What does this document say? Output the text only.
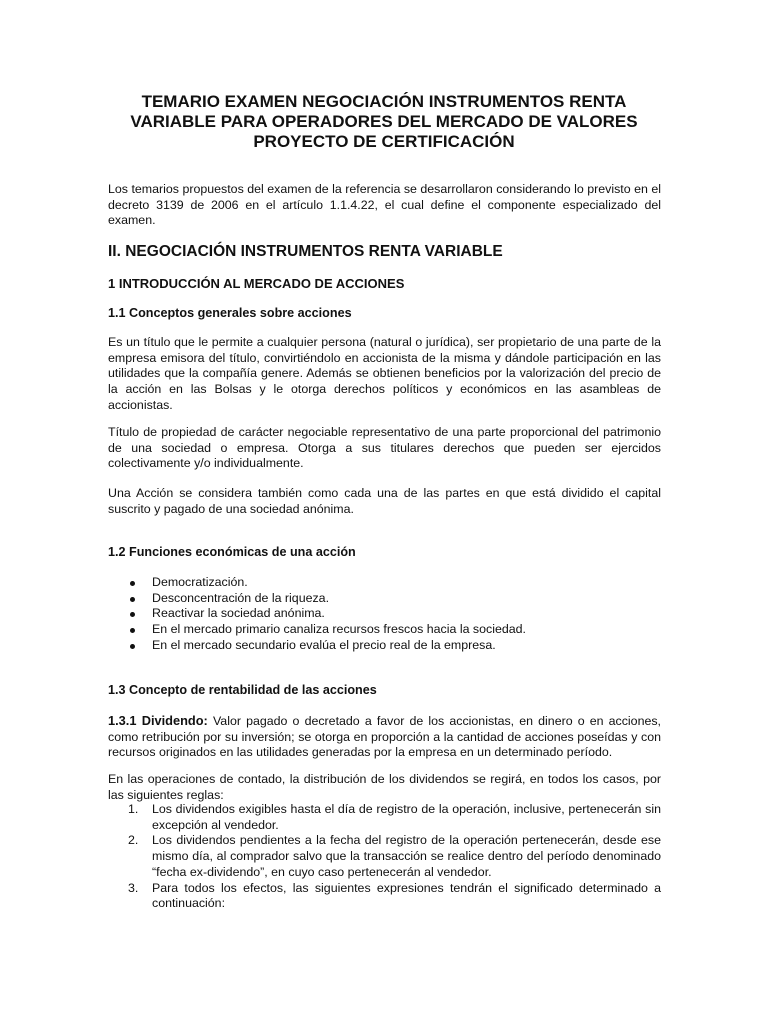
TEMARIO EXAMEN NEGOCIACIÓN INSTRUMENTOS RENTA
VARIABLE PARA OPERADORES DEL MERCADO DE VALORES
PROYECTO DE CERTIFICACIÓN

Los temarios propuestos del examen de la referencia se desarrollaron considerando lo previsto en el decreto 3139 de 2006 en el artículo 1.1.4.22, el cual define el componente especializado del examen.

II. NEGOCIACIÓN INSTRUMENTOS RENTA VARIABLE
1 INTRODUCCIÓN AL MERCADO DE ACCIONES
1.1 Conceptos generales sobre acciones

Es un título que le permite a cualquier persona (natural o jurídica), ser propietario de una parte de la empresa emisora del título, convirtiéndolo en accionista de la misma y dándole participación en las utilidades que la compañía genere. Además se obtienen beneficios por la valorización del precio de la acción en las Bolsas y le otorga derechos políticos y económicos en las asambleas de accionistas.

Título de propiedad de carácter negociable representativo de una parte proporcional del patrimonio de una sociedad o empresa. Otorga a sus titulares derechos que pueden ser ejercidos colectivamente y/o individualmente.

Una Acción se considera también como cada una de las partes en que está dividido el capital suscrito y pagado de una sociedad anónima.

1.2 Funciones económicas de una acción
Democratización.
Desconcentración de la riqueza.
Reactivar la sociedad anónima.
En el mercado primario canaliza recursos frescos hacia la sociedad.
En el mercado secundario evalúa el precio real de la empresa.
1.3 Concepto de rentabilidad de las acciones

1.3.1 Dividendo: Valor pagado o decretado a favor de los accionistas, en dinero o en acciones, como retribución por su inversión; se otorga en proporción a la cantidad de acciones poseídas y con recursos originados en las utilidades generadas por la empresa en un determinado período.

En las operaciones de contado, la distribución de los dividendos se regirá, en todos los casos, por las siguientes reglas:

1. Los dividendos exigibles hasta el día de registro de la operación, inclusive, pertenecerán sin excepción al vendedor.
2. Los dividendos pendientes a la fecha del registro de la operación pertenecerán, desde ese mismo día, al comprador salvo que la transacción se realice dentro del período denominado “fecha ex-dividendo”, en cuyo caso pertenecerán al vendedor.
3. Para todos los efectos, las siguientes expresiones tendrán el significado determinado a continuación:
